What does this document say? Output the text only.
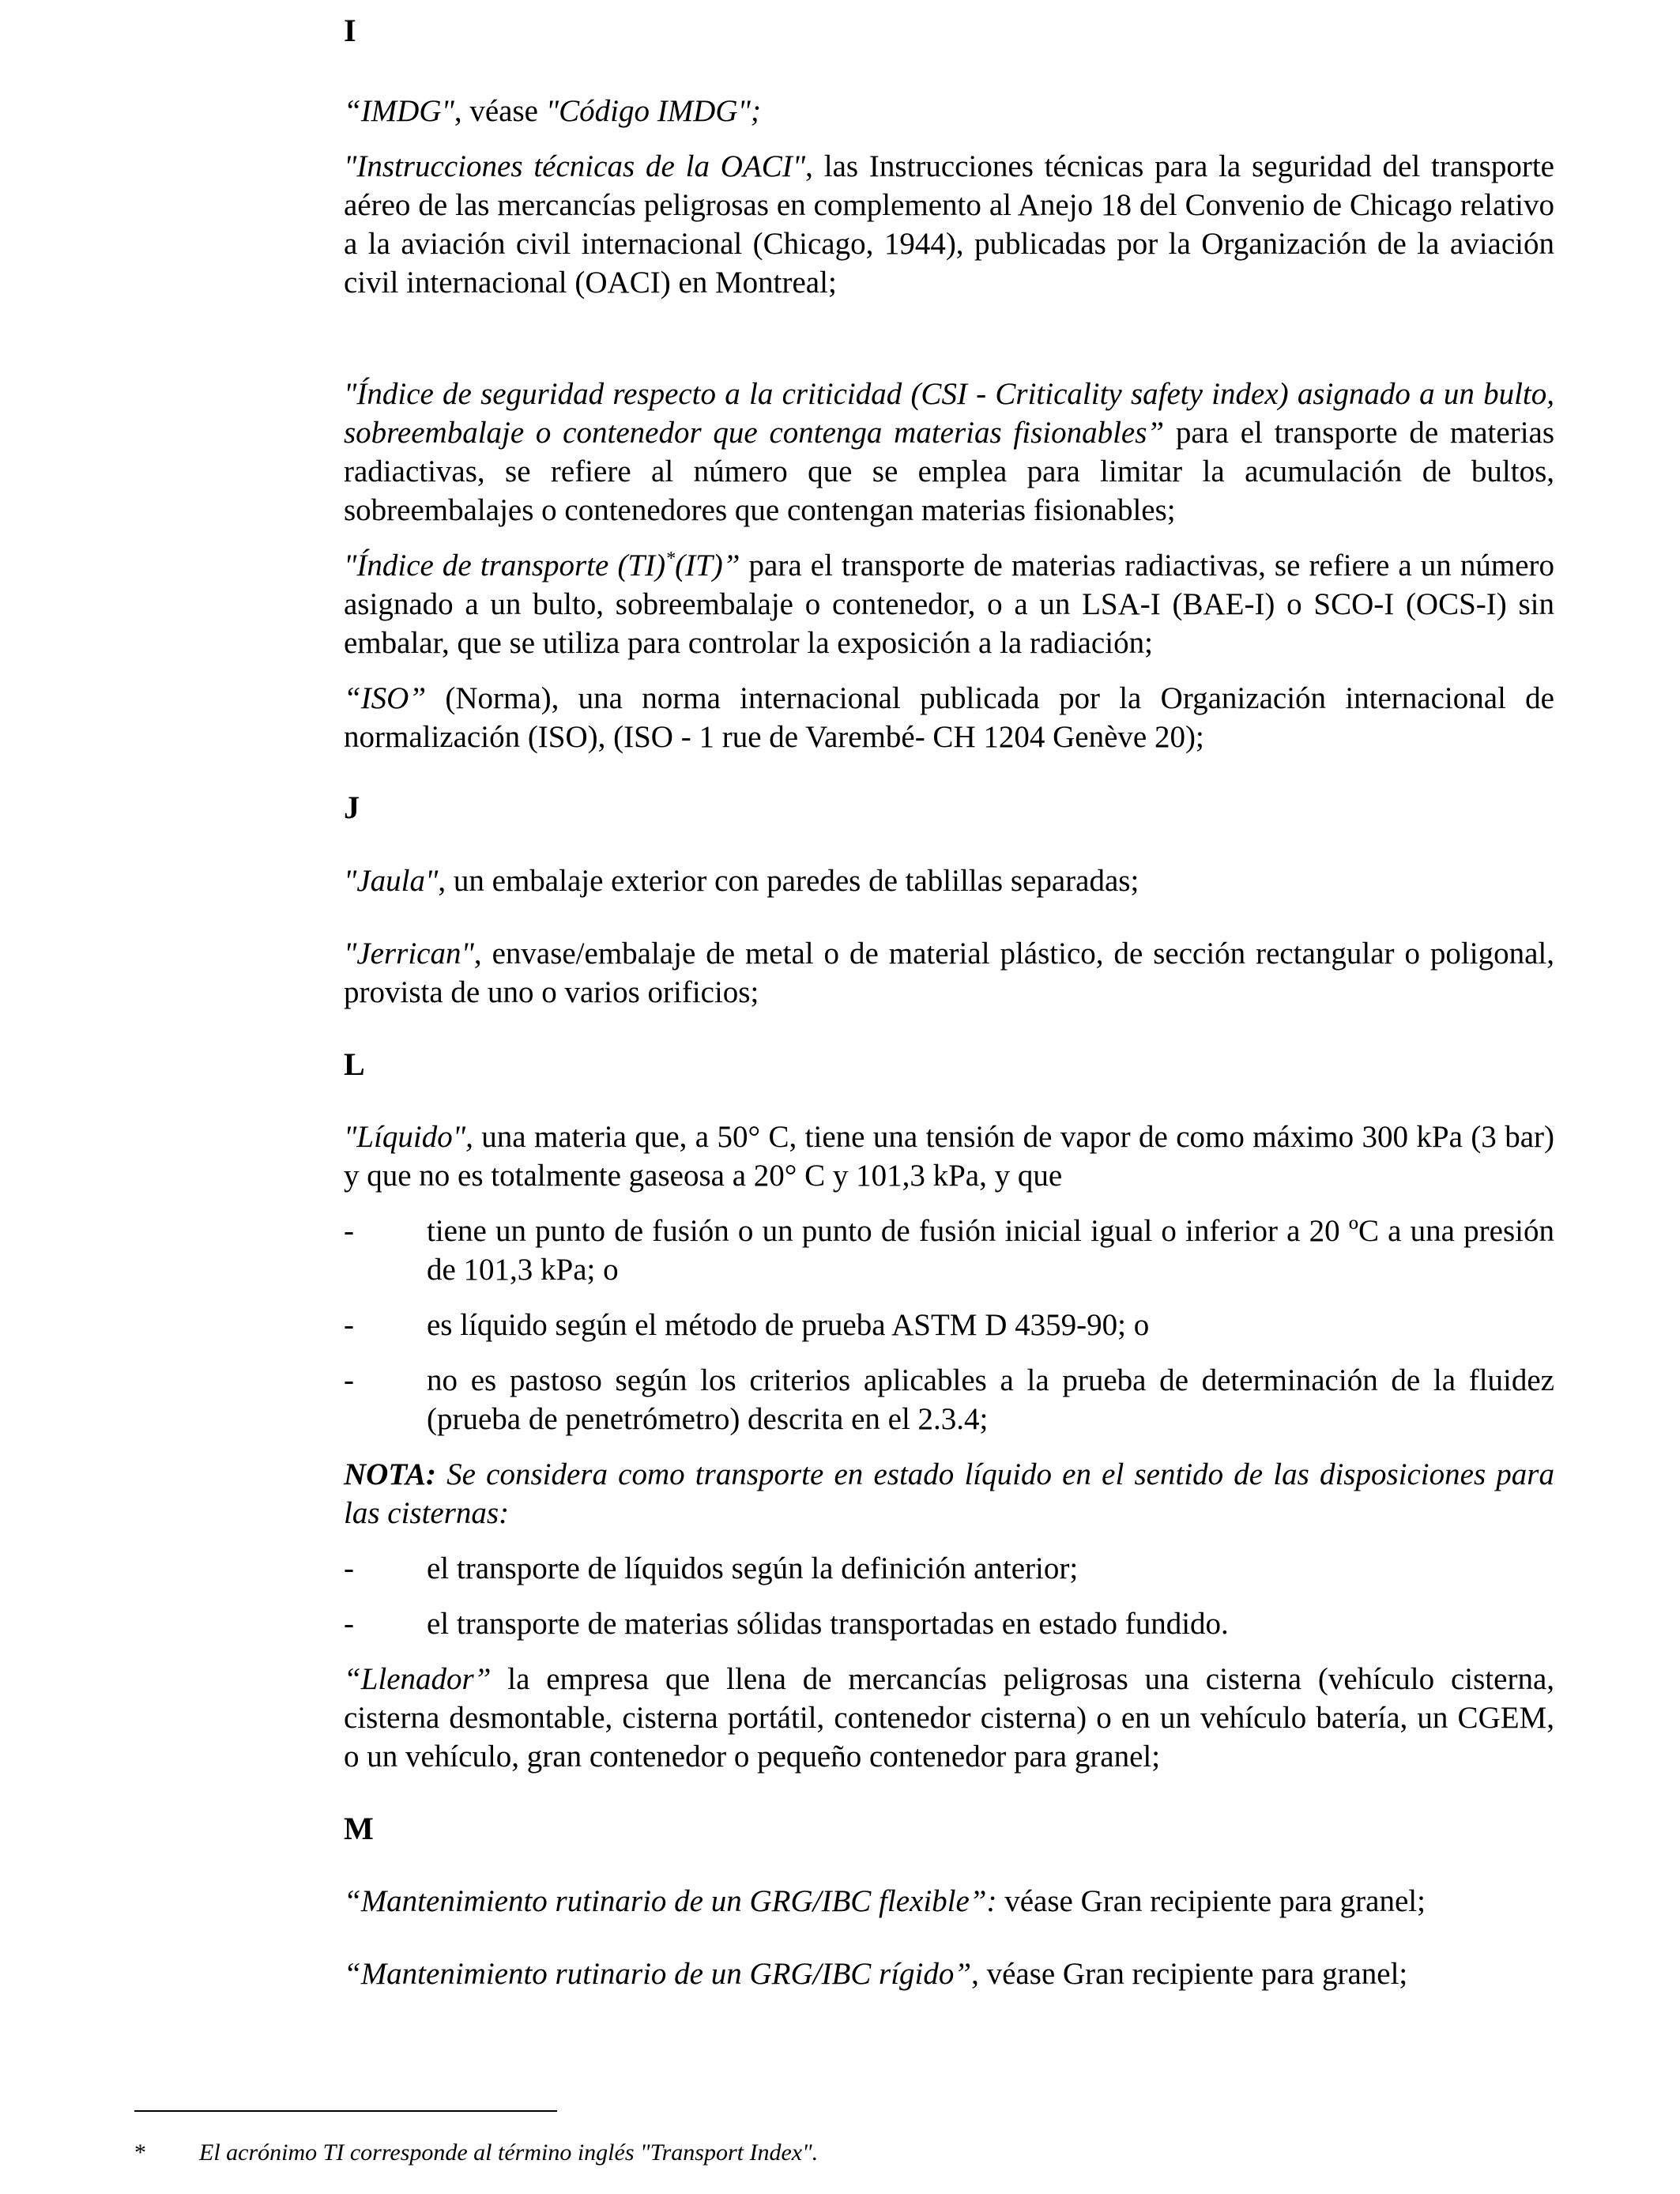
I

“IMDG", véase "Código IMDG";

"Instrucciones técnicas de la OACI", las Instrucciones técnicas para la seguridad del transporte aéreo de las mercancías peligrosas en complemento al Anejo 18 del Convenio de Chicago relativo a la aviación civil internacional (Chicago, 1944), publicadas por la Organización de la aviación civil internacional (OACI) en Montreal;

"Índice de seguridad respecto a la criticidad (CSI - Criticality safety index) asignado a un bulto, sobreembalaje o contenedor que contenga materias fisionables” para el transporte de materias radiactivas, se refiere al número que se emplea para limitar la acumulación de bultos, sobreembalajes o contenedores que contengan materias fisionables;

"Índice de transporte (TI)*(IT)” para el transporte de materias radiactivas, se refiere a un número asignado a un bulto, sobreembalaje o contenedor, o a un LSA-I (BAE-I) o SCO-I (OCS-I) sin embalar, que se utiliza para controlar la exposición a la radiación;

“ISO” (Norma), una norma internacional publicada por la Organización internacional de normalización (ISO), (ISO - 1 rue de Varembé- CH 1204 Genève 20);

J

"Jaula", un embalaje exterior con paredes de tablillas separadas;

"Jerrican", envase/embalaje de metal o de material plástico, de sección rectangular o poligonal, provista de uno o varios orificios;

L

"Líquido", una materia que, a 50° C, tiene una tensión de vapor de como máximo 300 kPa (3 bar) y que no es totalmente gaseosa a 20° C y 101,3 kPa, y que

- tiene un punto de fusión o un punto de fusión inicial igual o inferior a 20 ºC a una presión de 101,3 kPa; o

- es líquido según el método de prueba ASTM D 4359-90; o

- no es pastoso según los criterios aplicables a la prueba de determinación de la fluidez (prueba de penetrómetro) descrita en el 2.3.4;

NOTA: Se considera como transporte en estado líquido en el sentido de las disposiciones para las cisternas:

- el transporte de líquidos según la definición anterior;

- el transporte de materias sólidas transportadas en estado fundido.

“Llenador” la empresa que llena de mercancías peligrosas una cisterna (vehículo cisterna, cisterna desmontable, cisterna portátil, contenedor cisterna) o en un vehículo batería, un CGEM, o un vehículo, gran contenedor o pequeño contenedor para granel;

M

“Mantenimiento rutinario de un GRG/IBC flexible”: véase Gran recipiente para granel;

“Mantenimiento rutinario de un GRG/IBC rígido”, véase Gran recipiente para granel;

* El acrónimo TI corresponde al término inglés "Transport Index".
